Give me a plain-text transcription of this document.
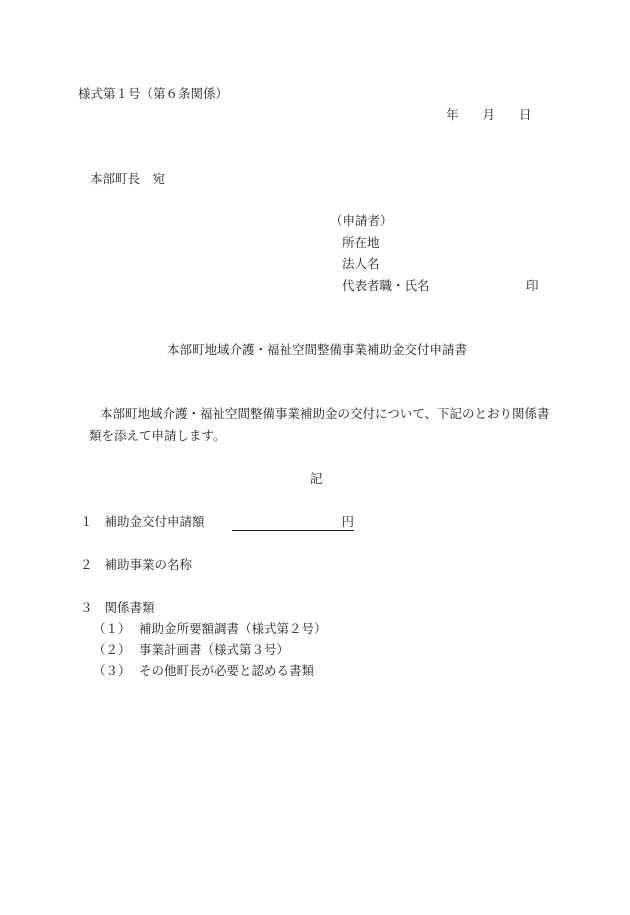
様式第１号（第６条関係）
年 月 日
本部町長　宛
（申請者）
所在地
法人名
代表者職・氏名	印
本部町地域介護・福祉空間整備事業補助金交付申請書
本部町地域介護・福祉空間整備事業補助金の交付について、下記のとおり関係書
類を添えて申請します。
記
１ 補助金交付申請額	円
２ 補助事業の名称
３ 関係書類
（１） 補助金所要額調書（様式第２号）
（２） 事業計画書（様式第３号）
（３） その他町長が必要と認める書類
